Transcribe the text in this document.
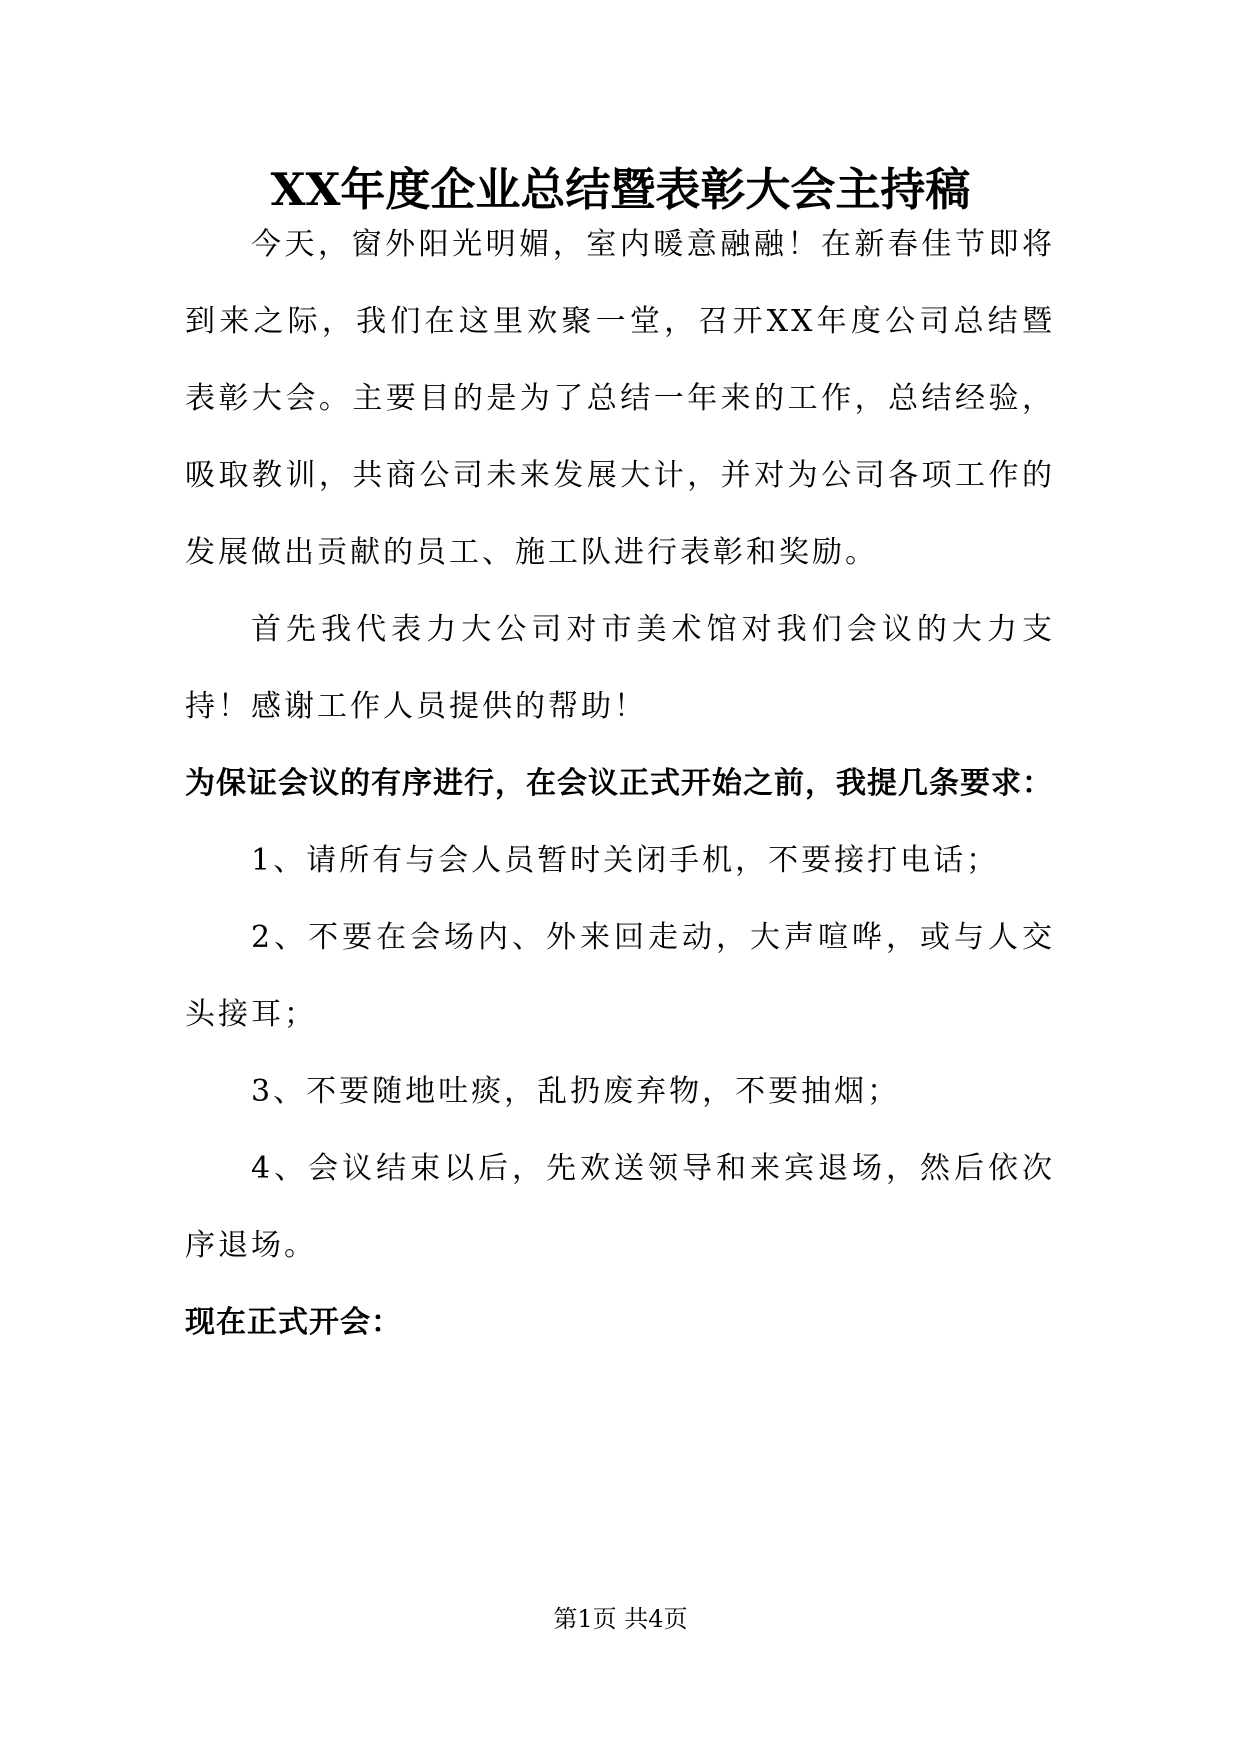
XX年度企业总结暨表彰大会主持稿

今天，窗外阳光明媚，室内暖意融融！在新春佳节即将到来之际，我们在这里欢聚一堂，召开XX年度公司总结暨表彰大会。主要目的是为了总结一年来的工作，总结经验，吸取教训，共商公司未来发展大计，并对为公司各项工作的发展做出贡献的员工、施工队进行表彰和奖励。

首先我代表力大公司对市美术馆对我们会议的大力支持！感谢工作人员提供的帮助！

为保证会议的有序进行，在会议正式开始之前，我提几条要求：

1、请所有与会人员暂时关闭手机，不要接打电话；

2、不要在会场内、外来回走动，大声喧哗，或与人交头接耳；

3、不要随地吐痰，乱扔废弃物，不要抽烟；

4、会议结束以后，先欢送领导和来宾退场，然后依次序退场。

现在正式开会：

第1页 共4页
